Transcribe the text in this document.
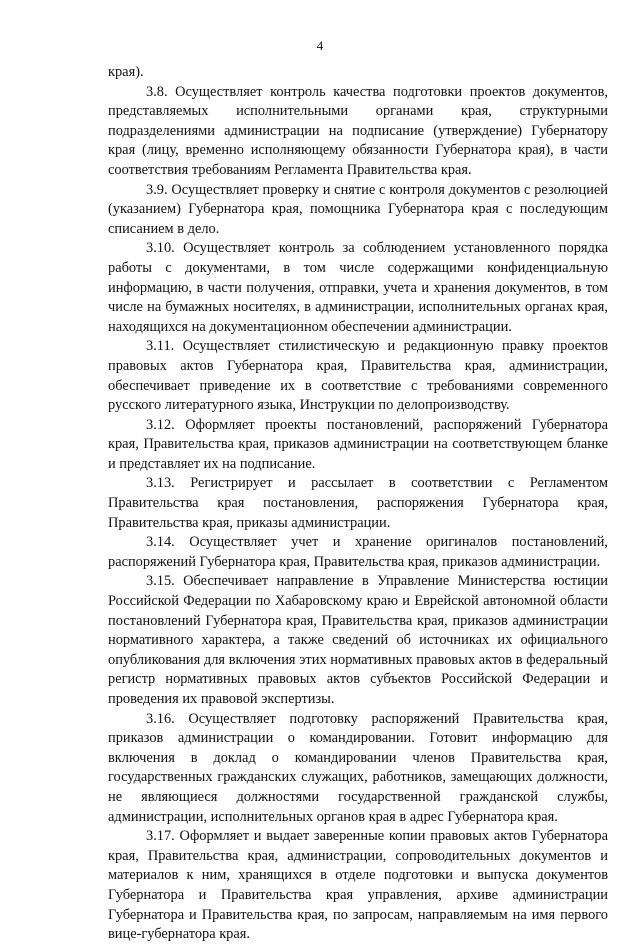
4

края).

3.8. Осуществляет контроль качества подготовки проектов документов, представляемых исполнительными органами края, структурными подразделениями администрации на подписание (утверждение) Губернатору края (лицу, временно исполняющему обязанности Губернатора края), в части соответствия требованиям Регламента Правительства края.

3.9. Осуществляет проверку и снятие с контроля документов с резолюцией (указанием) Губернатора края, помощника Губернатора края с последующим списанием в дело.

3.10. Осуществляет контроль за соблюдением установленного порядка работы с документами, в том числе содержащими конфиденциальную информацию, в части получения, отправки, учета и хранения документов, в том числе на бумажных носителях, в администрации, исполнительных органах края, находящихся на документационном обеспечении администрации.

3.11. Осуществляет стилистическую и редакционную правку проектов правовых актов Губернатора края, Правительства края, администрации, обеспечивает приведение их в соответствие с требованиями современного русского литературного языка, Инструкции по делопроизводству.

3.12. Оформляет проекты постановлений, распоряжений Губернатора края, Правительства края, приказов администрации на соответствующем бланке и представляет их на подписание.

3.13. Регистрирует и рассылает в соответствии с Регламентом Правительства края постановления, распоряжения Губернатора края, Правительства края, приказы администрации.

3.14. Осуществляет учет и хранение оригиналов постановлений, распоряжений Губернатора края, Правительства края, приказов администрации.

3.15. Обеспечивает направление в Управление Министерства юстиции Российской Федерации по Хабаровскому краю и Еврейской автономной области постановлений Губернатора края, Правительства края, приказов администрации нормативного характера, а также сведений об источниках их официального опубликования для включения этих нормативных правовых актов в федеральный регистр нормативных правовых актов субъектов Российской Федерации и проведения их правовой экспертизы.

3.16. Осуществляет подготовку распоряжений Правительства края, приказов администрации о командировании. Готовит информацию для включения в доклад о командировании членов Правительства края, государственных гражданских служащих, работников, замещающих должности, не являющиеся должностями государственной гражданской службы, администрации, исполнительных органов края в адрес Губернатора края.

3.17. Оформляет и выдает заверенные копии правовых актов Губернатора края, Правительства края, администрации, сопроводительных документов и материалов к ним, хранящихся в отделе подготовки и выпуска документов Губернатора и Правительства края управления, архиве администрации Губернатора и Правительства края, по запросам, направляемым на имя первого вице-губернатора края.
